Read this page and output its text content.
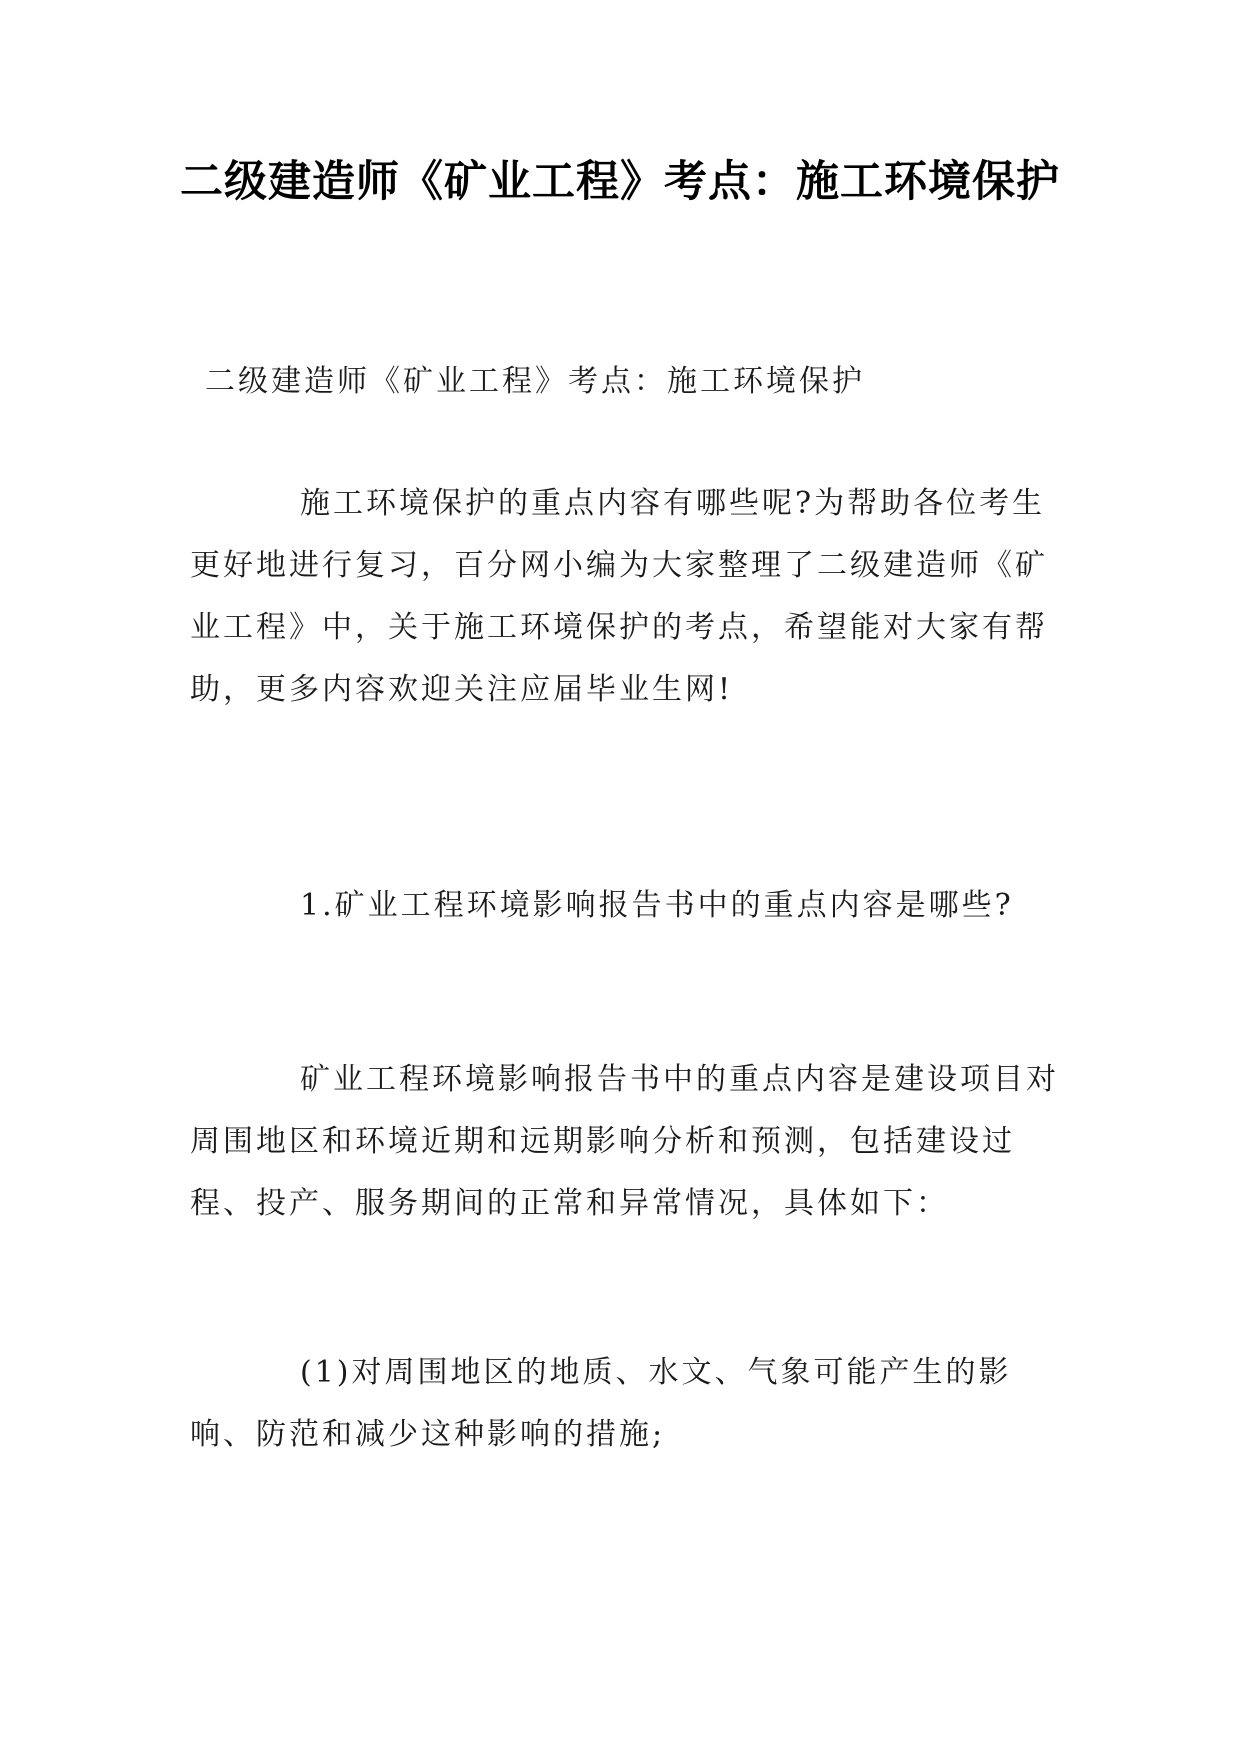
二级建造师《矿业工程》考点：施工环境保护

二级建造师《矿业工程》考点：施工环境保护

施工环境保护的重点内容有哪些呢?为帮助各位考生更好地进行复习，百分网小编为大家整理了二级建造师《矿业工程》中，关于施工环境保护的考点，希望能对大家有帮助，更多内容欢迎关注应届毕业生网!

1.矿业工程环境影响报告书中的重点内容是哪些?

矿业工程环境影响报告书中的重点内容是建设项目对周围地区和环境近期和远期影响分析和预测，包括建设过程、投产、服务期间的正常和异常情况，具体如下：

(1)对周围地区的地质、水文、气象可能产生的影响、防范和减少这种影响的措施;
